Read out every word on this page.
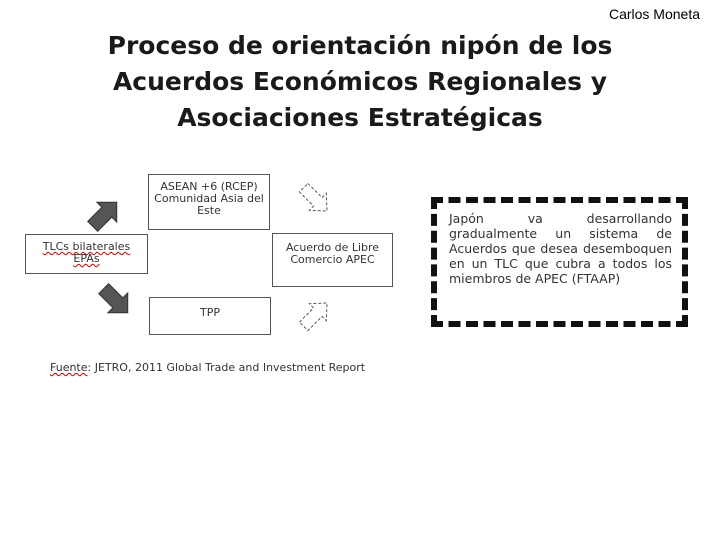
Carlos Moneta
Proceso de orientación nipón de los Acuerdos Económicos Regionales y Asociaciones Estratégicas
ASEAN +6 (RCEP) Comunidad Asia del Este
TLCs bilaterales
EPAs
Acuerdo de Libre Comercio APEC
TPP
Fuente: JETRO, 2011 Global Trade and Investment Report
Japón va desarrollando gradualmente un sistema de Acuerdos que desea desemboquen en un TLC que cubra a todos los miembros de APEC (FTAAP)
